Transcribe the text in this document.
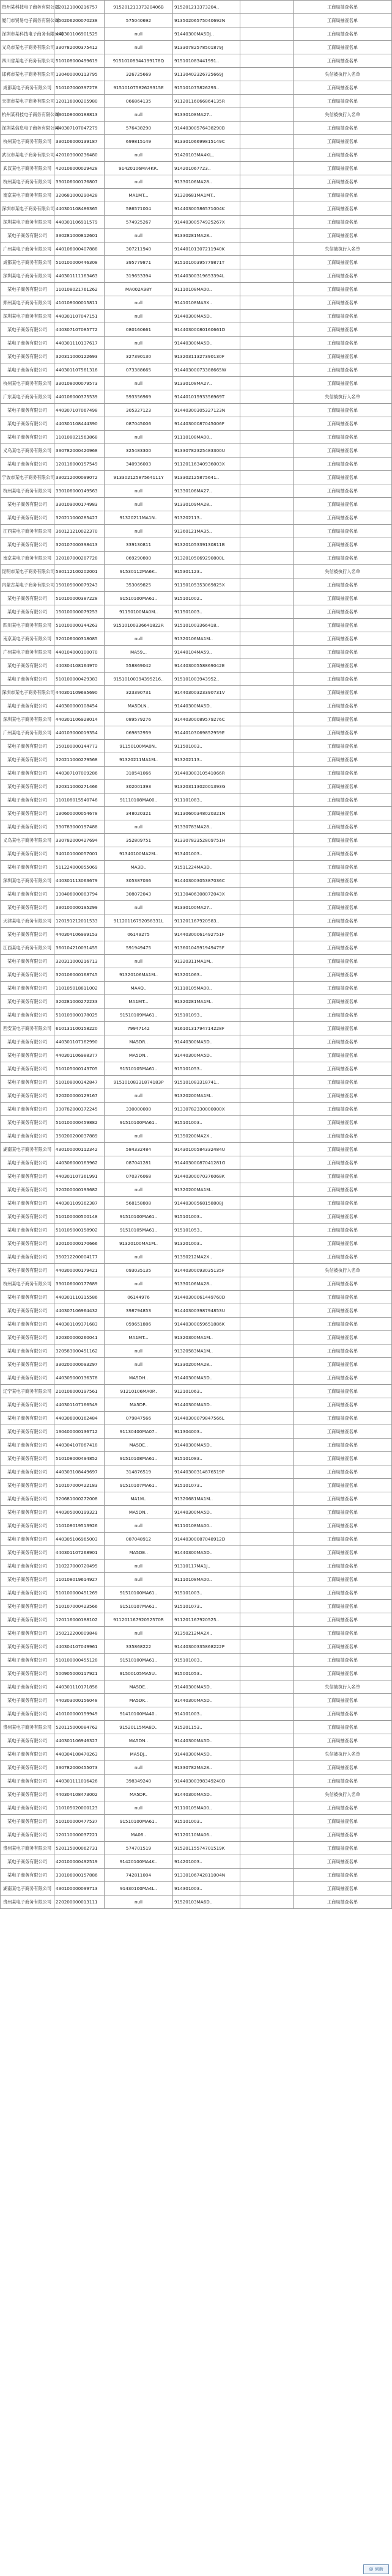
贵州某科技电子商务有限公司	220121000216757	91520121337320406B	915201213373204..		工商局抽查名单
厦门市贸易电子商务有限公司	350206200070238	575040692	91350206575040692N		工商局抽查名单
深圳市某科技电子商务有限公司	440301106901525	null	91440300MA5DJ..		工商局抽查名单
义乌市某电子商务有限公司	330782000375412	null	91330782578501879J		工商局抽查名单
四川省某电子商务有限公司	510108000499619	91510108344199178Q	915101083441991..		工商局抽查名单
邯郸市某电子商务有限公司	130400000113795	326725669	91130402326725669J		失信被执行人名单
成都某电子商务有限公司	510107000397278	91510107582629315E	915101075826293..		工商局抽查名单
天津市某电子商务有限公司	120116000205980	066864135	91120116066864135R		工商局抽查名单
杭州某科技电子商务有限公司	330108000188813	null	91330108MA27..		失信被执行人名单
深圳某信息电子商务有限公司	440307107047279	576438290	91440300576438290B		工商局抽查名单
杭州某电子商务有限公司	330106000139187	699815149	91330106699815149C		工商局抽查名单
武汉市某电子商务有限公司	420103000236480	null	91420103MA4KL..		工商局抽查名单
武汉某电子商务有限公司	420106000029428	91420106MA4KP..	914201067723..		工商局抽查名单
杭州某电子商务有限公司	330106000176807	null	91330106MA28..		工商局抽查名单
南京某电子商务有限公司	320681000290428	MA1MT...	91320681MA1MT..		工商局抽查名单
深圳市某电子商务有限公司	440301108486365	586571004	91440300586571004K		工商局抽查名单
深圳某电子商务有限公司	440301106911579	574925267	91440300574925267X		工商局抽查名单
某电子商务有限公司	330281000812601	null	91330281MA28..		工商局抽查名单
广州某电子商务有限公司	440106000407888	307211940	91440101307211940K		失信被执行人名单
成都某电子商务有限公司	510100000446308	395779871	91510100395779871T		工商局抽查名单
深圳某电子商务有限公司	440301111163463	319653394	91440300319653394L		工商局抽查名单
某电子商务有限公司	110108021761262	MA002A98Y	91110108MA00..		工商局抽查名单
郑州某电子商务有限公司	410108000015811	null	91410108MA3X..		工商局抽查名单
深圳某电子商务有限公司	440301107047151	null	91440300MA5D..		工商局抽查名单
某电子商务有限公司	440307107085772	080160661	91440300080160661D		工商局抽查名单
某电子商务有限公司	440301110137617	null	91440300MA5D..		工商局抽查名单
某电子商务有限公司	320311000122693	327390130	91320311327390130F		工商局抽查名单
某电子商务有限公司	440301107561316	073388665	91440300073388665W		工商局抽查名单
杭州某电子商务有限公司	330108000079573	null	91330108MA27..		工商局抽查名单
广东某电子商务有限公司	440106000375539	593356969	91440101593356969T		失信被执行人名单
某电子商务有限公司	440307107067498	305327123	91440300305327123N		工商局抽查名单
某电子商务有限公司	440301108444390	087045006	91440300087045006F		工商局抽查名单
某电子商务有限公司	110108021563868	null	91110108MA00..		工商局抽查名单
义乌某电子商务有限公司	330782000420968	325483300	91330782325483300U		工商局抽查名单
某电子商务有限公司	120116000157549	340936003	91120116340936003X		工商局抽查名单
宁波市某电子商务有限公司	330212000099072	91330212587564111Y	913302125875641..		工商局抽查名单
杭州某电子商务有限公司	330106000149563	null	91330106MA27..		工商局抽查名单
某电子商务有限公司	330109000174983	null	91330109MA28..		工商局抽查名单
某电子商务有限公司	320211000285427	91320211MA1N..	913202113..		工商局抽查名单
江西某电子商务有限公司	360121210022370	null	91360121MA35..		工商局抽查名单
某电子商务有限公司	320107000398413	339130811	91320105339130811B		工商局抽查名单
南京某电子商务有限公司	320107000287728	069290800	91320105069290800L		工商局抽查名单
昆明市某电子商务有限公司	530112100202001	91530112MA6K..	915301123..		失信被执行人名单
内蒙古某电子商务有限公司	150105000079243	353069825	91150105353069825X		工商局抽查名单
某电子商务有限公司	510100000387228	91510100MA61..	915101002..		工商局抽查名单
某电子商务有限公司	150100000079253	91150100MA0M..	911501003..		工商局抽查名单
四川某电子商务有限公司	510100000344263	91510100336641822R	915101003366418..		工商局抽查名单
南京某电子商务有限公司	320106000318085	null	91320106MA1M..		工商局抽查名单
广州某电子商务有限公司	440104000100070	MA59...	91440104MA59..		工商局抽查名单
某电子商务有限公司	440304108164970	558869042	91440300558869042E		工商局抽查名单
某电子商务有限公司	510100000429383	91510100394395216..	915101003943952..		工商局抽查名单
深圳市某电子商务有限公司	440301109695690	323390731	91440300323390731V		工商局抽查名单
某电子商务有限公司	440300000108454	MA5DLN..	91440300MA5D..		工商局抽查名单
深圳某电子商务有限公司	440301106928014	089579276	91440300089579276C		工商局抽查名单
广州某电子商务有限公司	440103000019354	069852959	91440103069852959E		工商局抽查名单
某电子商务有限公司	150100000144773	91150100MA0N..	911501003..		工商局抽查名单
某电子商务有限公司	320211000279568	91320211MA1M..	913202113..		工商局抽查名单
某电子商务有限公司	440307107009286	310541066	91440300310541066R		工商局抽查名单
某电子商务有限公司	320311000271466	302001393	91320311302001393G		工商局抽查名单
某电子商务有限公司	110108015540746	91110108MA00..	911101083..		工商局抽查名单
某电子商务有限公司	130600000054678	348020321	91130600348020321N		工商局抽查名单
某电子商务有限公司	330783000197488	null	91330783MA28..		工商局抽查名单
义乌某电子商务有限公司	330782000427694	352809751	91330782352809751H		工商局抽查名单
某电子商务有限公司	340101000057001	91340100MA2M..	913401003..		工商局抽查名单
某电子商务有限公司	511224000055069	MA3D..	91511224MA3D..		工商局抽查名单
深圳某电子商务有限公司	440301113063679	305387036	91440300305387036C		工商局抽查名单
某电子商务有限公司	130406000083794	308072043	91130406308072043X		工商局抽查名单
某电子商务有限公司	330100000195299	null	91330100MA27..		工商局抽查名单
天津某电子商务有限公司	120191212011533	91120116792058331L	911201167920583..		工商局抽查名单
某电子商务有限公司	440304106999153	06149275	91440300061492751F		工商局抽查名单
江西某电子商务有限公司	360104210031455	591949475	91360104591949475F		工商局抽查名单
某电子商务有限公司	320311000216713	null	91320311MA1M..		工商局抽查名单
某电子商务有限公司	320106000168745	91320106MA1M..	913201063..		工商局抽查名单
某电子商务有限公司	110105018811002	MA4Q..	91110105MA00..		工商局抽查名单
某电子商务有限公司	320281000272233	MA1MT...	91320281MA1M..		工商局抽查名单
某电子商务有限公司	510109000178025	91510109MA61..	915101093..		工商局抽查名单
西安某电子商务有限公司	610131100158220	79947142	91610131794714228F		工商局抽查名单
某电子商务有限公司	440301107162990	MA5DR..	91440300MA5D..		工商局抽查名单
某电子商务有限公司	440301106988377	MA5DN..	91440300MA5D..		工商局抽查名单
某电子商务有限公司	510105000143705	91510105MA61..	915101053..		工商局抽查名单
某电子商务有限公司	510108000342847	91510108331874183P	915101083318741..		工商局抽查名单
某电子商务有限公司	320200000129167	null	91320200MA1M..		工商局抽查名单
某电子商务有限公司	330782000372245	330000000	91330782330000000X		工商局抽查名单
某电子商务有限公司	510100000459882	91510100MA61..	915101003..		工商局抽查名单
某电子商务有限公司	350200200037889	null	91350200MA2X..		工商局抽查名单
湖南某电子商务有限公司	430100000112342	584332484	91430100584332484U		工商局抽查名单
某电子商务有限公司	440306000163962	087041281	91440300087041281G		工商局抽查名单
某电子商务有限公司	440301107361991	070376068	91440300070376068K		工商局抽查名单
某电子商务有限公司	320200000193682	null	91320200MA1M..		工商局抽查名单
某电子商务有限公司	440301109362387	568158808	91440300568158808J		工商局抽查名单
某电子商务有限公司	510100000500148	91510100MA61..	915101003..		工商局抽查名单
某电子商务有限公司	510105000158902	91510105MA61..	915101053..		工商局抽查名单
某电子商务有限公司	320100000170666	91320100MA1M..	913201003..		工商局抽查名单
某电子商务有限公司	350212200004177	null	91350212MA2X..		工商局抽查名单
某电子商务有限公司	440300000179421	093035135	91440300093035135F		失信被执行人名单
杭州某电子商务有限公司	330106000177689	null	91330106MA28..		工商局抽查名单
某电子商务有限公司	440301110315586	06144976	91440300061449760D		工商局抽查名单
某电子商务有限公司	440307106964432	398794853	91440300398794853U		工商局抽查名单
某电子商务有限公司	440301109371683	059651886	91440300059651886K		工商局抽查名单
某电子商务有限公司	320300000260041	MA1MT...	91320300MA1M..		工商局抽查名单
某电子商务有限公司	320583000451162	null	91320583MA1M..		工商局抽查名单
某电子商务有限公司	330200000093297	null	91330200MA28..		工商局抽查名单
某电子商务有限公司	440305000136378	MA5DH..	91440300MA5D..		工商局抽查名单
辽宁某电子商务有限公司	210106000197561	91210106MA0P..	912101063..		工商局抽查名单
某电子商务有限公司	440301107166549	MA5DP..	91440300MA5D..		工商局抽查名单
某电子商务有限公司	440306000162484	079847566	91440300079847566L		工商局抽查名单
某电子商务有限公司	130400000136712	91130400MA07..	911304003..		工商局抽查名单
某电子商务有限公司	440304107067418	MA5DE..	91440300MA5D..		工商局抽查名单
某电子商务有限公司	510108000494852	91510108MA61..	915101083..		工商局抽查名单
某电子商务有限公司	440303108449697	314876519	91440300314876519P		工商局抽查名单
某电子商务有限公司	510107000422183	91510107MA61..	915101073..		工商局抽查名单
某电子商务有限公司	320681000272008	MA1M..	91320681MA1M..		工商局抽查名单
某电子商务有限公司	440305000199321	MA5DN..	91440300MA5D..		工商局抽查名单
某电子商务有限公司	110108019513926	null	91110108MA00..		工商局抽查名单
某电子商务有限公司	440305106965003	087048912	91440300087048912D		工商局抽查名单
某电子商务有限公司	440301107268901	MA5DE..	91440300MA5D..		工商局抽查名单
某电子商务有限公司	310227000720495	null	91310117MA1J..		工商局抽查名单
某电子商务有限公司	110108019614927	null	91110108MA00..		工商局抽查名单
某电子商务有限公司	510100000451269	91510100MA61..	915101003..		工商局抽查名单
某电子商务有限公司	510107000423566	91510107MA61..	915101073..		工商局抽查名单
某电子商务有限公司	120116000188102	91120116792052570R	911201167920525..		工商局抽查名单
某电子商务有限公司	350212200009848	null	91350212MA2X..		工商局抽查名单
某电子商务有限公司	440304107049961	335868222	91440300335868222P		工商局抽查名单
某电子商务有限公司	510100000455128	91510100MA61..	915101003..		工商局抽查名单
某电子商务有限公司	500905000117921	91500105MA5U..	915001053..		工商局抽查名单
某电子商务有限公司	440301110171856	MA5DE..	91440300MA5D..		失信被执行人名单
某电子商务有限公司	440303000156048	MA5DK..	91440300MA5D..		工商局抽查名单
某电子商务有限公司	410100000159949	91410100MA40..	914101003..		工商局抽查名单
贵州某电子商务有限公司	520115000084762	91520115MA6D..	915201153..		工商局抽查名单
某电子商务有限公司	440301106946327	MA5DN..	91440300MA5D..		工商局抽查名单
某电子商务有限公司	440304108470263	MA5DJ..	91440300MA5D..		失信被执行人名单
某电子商务有限公司	330782000455073	null	91330782MA28..		工商局抽查名单
某电子商务有限公司	440301111016426	398349240	91440300398349240D		工商局抽查名单
某电子商务有限公司	440304108473002	MA5DP..	91440300MA5D..		失信被执行人名单
某电子商务有限公司	110105020000123	null	91110105MA00..		工商局抽查名单
某电子商务有限公司	510100000477537	91510100MA61..	915101003..		工商局抽查名单
某电子商务有限公司	120110000037221	MA06..	91120110MA06..		工商局抽查名单
贵州某电子商务有限公司	520115000062731	574701519	91520115574701519K		工商局抽查名单
某电子商务有限公司	420100000492519	91420100MA4K..	914201003..		工商局抽查名单
某电子商务有限公司	330106000157886	742811004	91330106742811004N		工商局抽查名单
湖南某电子商务有限公司	430100000099713	91430100MA4L..	914301003..		工商局抽查名单
贵州某电子商务有限公司	220200000013111	null	91520103MA6D..		工商局抽查名单
@ 创新
